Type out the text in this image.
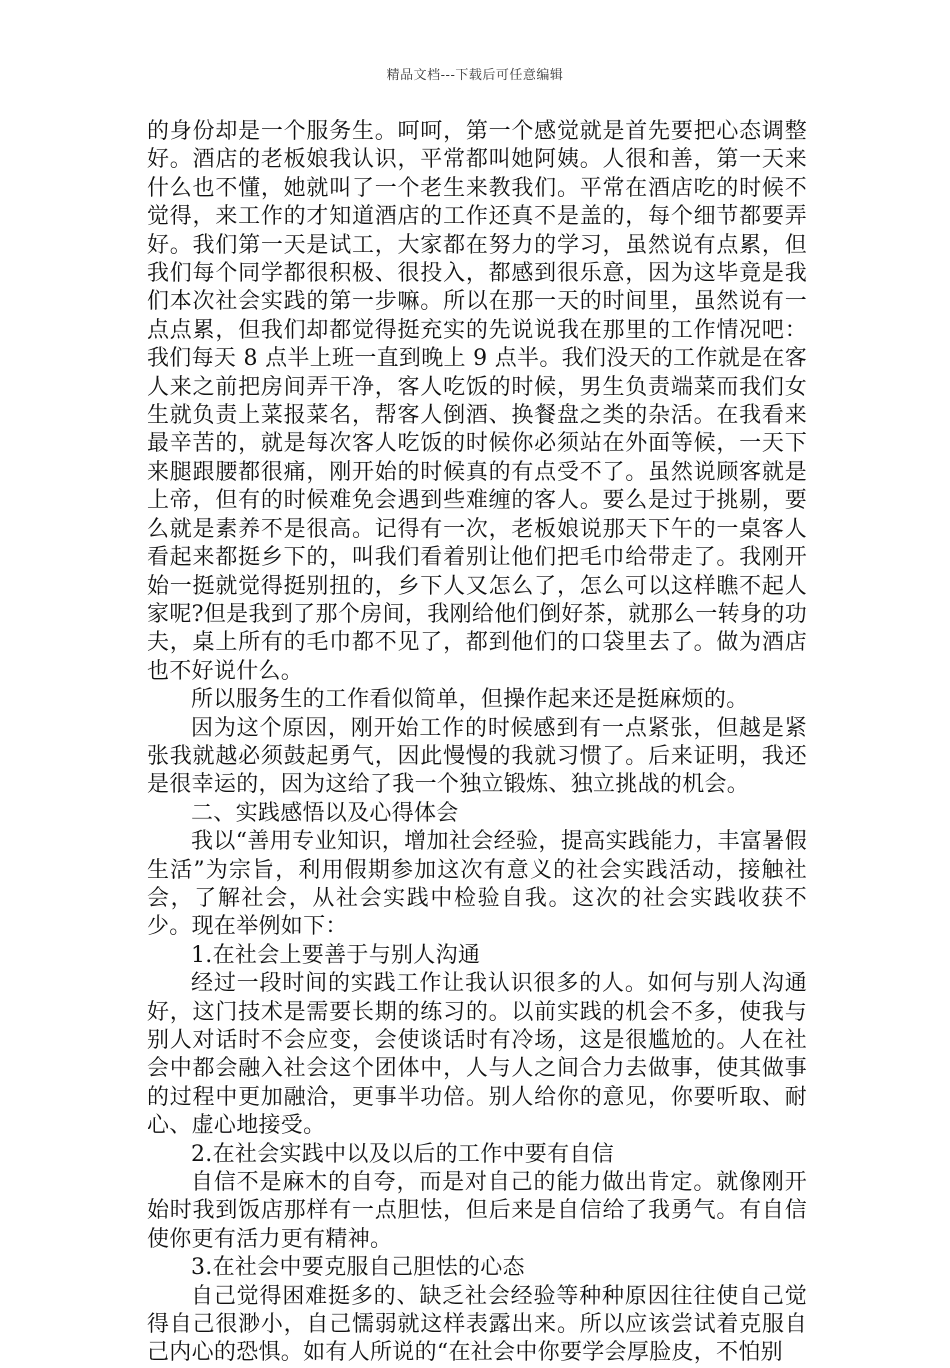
精品文档---下载后可任意编辑

的身份却是一个服务生。呵呵，第一个感觉就是首先要把心态调整好。酒店的老板娘我认识，平常都叫她阿姨。人很和善，第一天来什么也不懂，她就叫了一个老生来教我们。平常在酒店吃的时候不觉得，来工作的才知道酒店的工作还真不是盖的，每个细节都要弄好。我们第一天是试工，大家都在努力的学习，虽然说有点累，但我们每个同学都很积极、很投入，都感到很乐意，因为这毕竟是我们本次社会实践的第一步嘛。所以在那一天的时间里，虽然说有一点点累，但我们却都觉得挺充实的先说说我在那里的工作情况吧：我们每天 8 点半上班一直到晚上 9 点半。我们没天的工作就是在客人来之前把房间弄干净，客人吃饭的时候，男生负责端菜而我们女生就负责上菜报菜名，帮客人倒酒、换餐盘之类的杂活。在我看来最辛苦的，就是每次客人吃饭的时候你必须站在外面等候，一天下来腿跟腰都很痛，刚开始的时候真的有点受不了。虽然说顾客就是上帝，但有的时候难免会遇到些难缠的客人。要么是过于挑剔，要么就是素养不是很高。记得有一次，老板娘说那天下午的一桌客人看起来都挺乡下的，叫我们看着别让他们把毛巾给带走了。我刚开始一挺就觉得挺别扭的，乡下人又怎么了，怎么可以这样瞧不起人家呢?但是我到了那个房间，我刚给他们倒好茶，就那么一转身的功夫，桌上所有的毛巾都不见了，都到他们的口袋里去了。做为酒店也不好说什么。

所以服务生的工作看似简单，但操作起来还是挺麻烦的。

因为这个原因，刚开始工作的时候感到有一点紧张，但越是紧张我就越必须鼓起勇气，因此慢慢的我就习惯了。后来证明，我还是很幸运的，因为这给了我一个独立锻炼、独立挑战的机会。

二、实践感悟以及心得体会

我以“善用专业知识，增加社会经验，提高实践能力，丰富暑假生活”为宗旨，利用假期参加这次有意义的社会实践活动，接触社会，了解社会，从社会实践中检验自我。这次的社会实践收获不少。现在举例如下：

1.在社会上要善于与别人沟通

经过一段时间的实践工作让我认识很多的人。如何与别人沟通好，这门技术是需要长期的练习的。以前实践的机会不多，使我与别人对话时不会应变，会使谈话时有冷场，这是很尴尬的。人在社会中都会融入社会这个团体中，人与人之间合力去做事，使其做事的过程中更加融洽，更事半功倍。别人给你的意见，你要听取、耐心、虚心地接受。

2.在社会实践中以及以后的工作中要有自信

自信不是麻木的自夸，而是对自己的能力做出肯定。就像刚开始时我到饭店那样有一点胆怯，但后来是自信给了我勇气。有自信使你更有活力更有精神。

3.在社会中要克服自己胆怯的心态

自己觉得困难挺多的、缺乏社会经验等种种原因往往使自己觉得自己很渺小，自己懦弱就这样表露出来。所以应该尝试着克服自己内心的恐惧。如有人所说的“在社会中你要学会厚脸皮，不怕别
